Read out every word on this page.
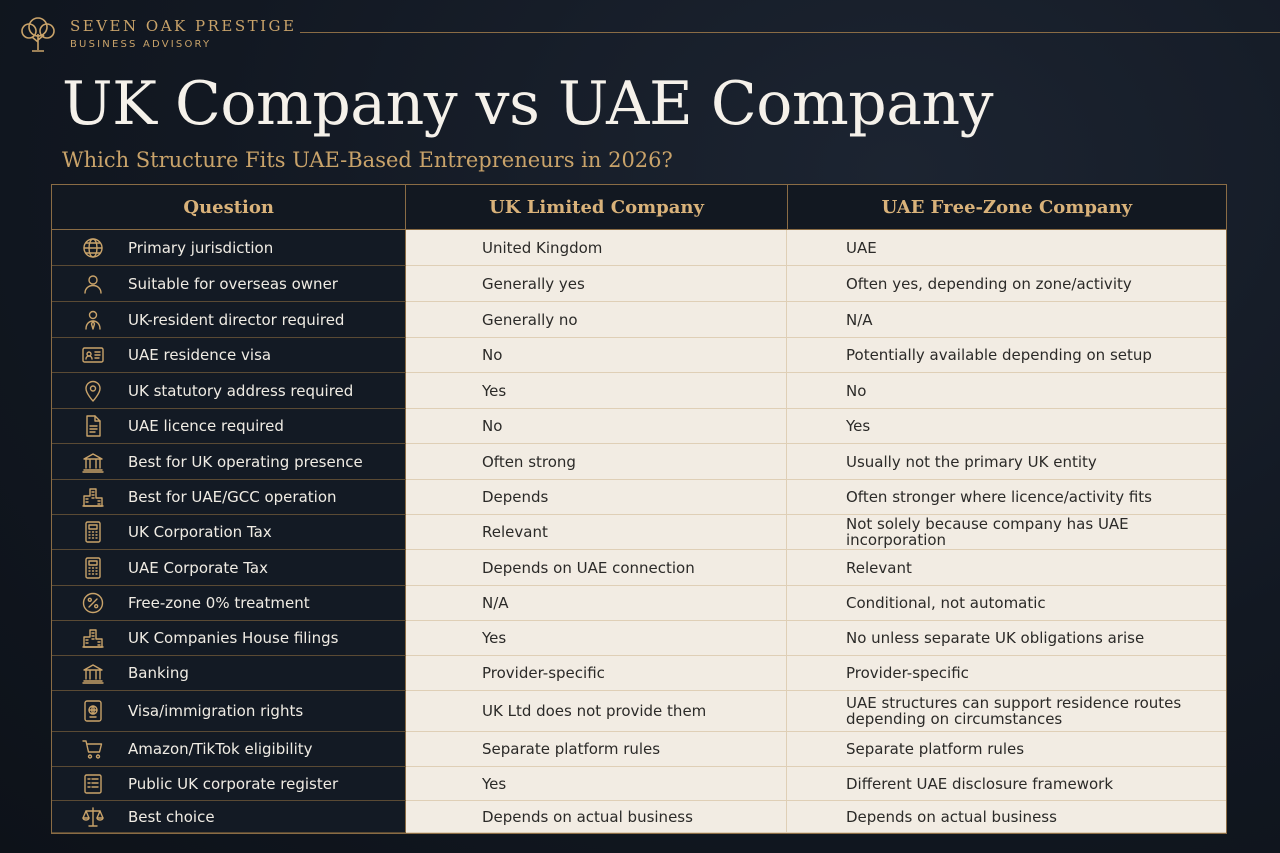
SEVEN OAK PRESTIGE
BUSINESS ADVISORY
UK Company vs UAE Company
Which Structure Fits UAE-Based Entrepreneurs in 2026?
Question	UK Limited Company	UAE Free-Zone Company
Primary jurisdiction	United Kingdom	UAE
Suitable for overseas owner	Generally yes	Often yes, depending on zone/activity
UK-resident director required	Generally no	N/A
UAE residence visa	No	Potentially available depending on setup
UK statutory address required	Yes	No
UAE licence required	No	Yes
Best for UK operating presence	Often strong	Usually not the primary UK entity
Best for UAE/GCC operation	Depends	Often stronger where licence/activity fits
UK Corporation Tax	Relevant	Not solely because company has UAE incorporation
UAE Corporate Tax	Depends on UAE connection	Relevant
Free-zone 0% treatment	N/A	Conditional, not automatic
UK Companies House filings	Yes	No unless separate UK obligations arise
Banking	Provider-specific	Provider-specific
Visa/immigration rights	UK Ltd does not provide them	UAE structures can support residence routes depending on circumstances
Amazon/TikTok eligibility	Separate platform rules	Separate platform rules
Public UK corporate register	Yes	Different UAE disclosure framework
Best choice	Depends on actual business	Depends on actual business
